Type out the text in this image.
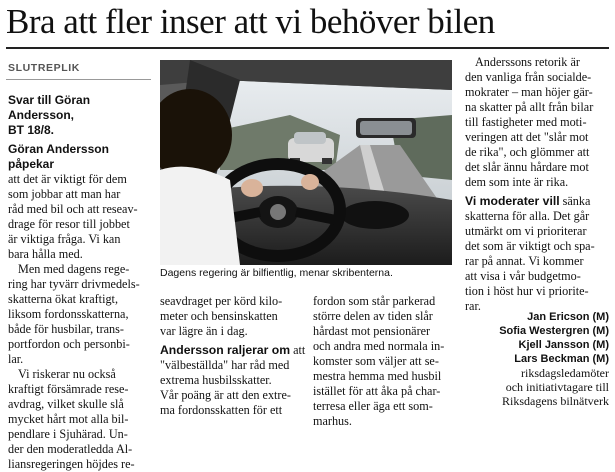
Bra att fler inser att vi behöver bilen
SLUTREPLIK

Svar till Göran Andersson,

BT 18/8.

Göran Andersson påpekar

att det är viktigt för dem

som jobbar att man har

råd med bil och att reseav-

drage för resor till jobbet

är viktiga fråga. Vi kan

bara hålla med.

Men med dagens rege-

ring har tyvärr drivmedels-

skatterna ökat kraftigt,

liksom fordonsskatterna,

både för husbilar, trans-

portfordon och personbi-

lar.

Vi riskerar nu också

kraftigt försämrade rese-

avdrag, vilket skulle slå

mycket hårt mot alla bil-

pendlare i Sjuhärad. Un-

der den moderatledda Al-

liansregeringen höjdes re-

Dagens regering är bilfientlig, menar skribenterna.

seavdraget per körd kilo-

meter och bensinskatten

var lägre än i dag.

Andersson raljerar om att

"välbeställda" har råd med

extrema husbilsskatter.

Vår poäng är att den extre-

ma fordonsskatten för ett

fordon som står parkerad

större delen av tiden slår

hårdast mot pensionärer

och andra med normala in-

komster som väljer att se-

mestra hemma med husbil

istället för att åka på char-

terresa eller äga ett som-

marhus.

Anderssons retorik är

den vanliga från socialde-

mokrater – man höjer gär-

na skatter på allt från bilar

till fastigheter med moti-

veringen att det "slår mot

de rika", och glömmer att

det slår ännu hårdare mot

dem som inte är rika.

Vi moderater vill sänka

skatterna för alla. Det går

utmärkt om vi prioriterar

det som är viktigt och spa-

rar på annat. Vi kommer

att visa i vår budgetmo-

tion i höst hur vi priorite-

rar.

Jan Ericson (M)

Sofia Westergren (M)

Kjell Jansson (M)

Lars Beckman (M)

riksdagsledamöter

och initiativtagare till

Riksdagens bilnätverk
